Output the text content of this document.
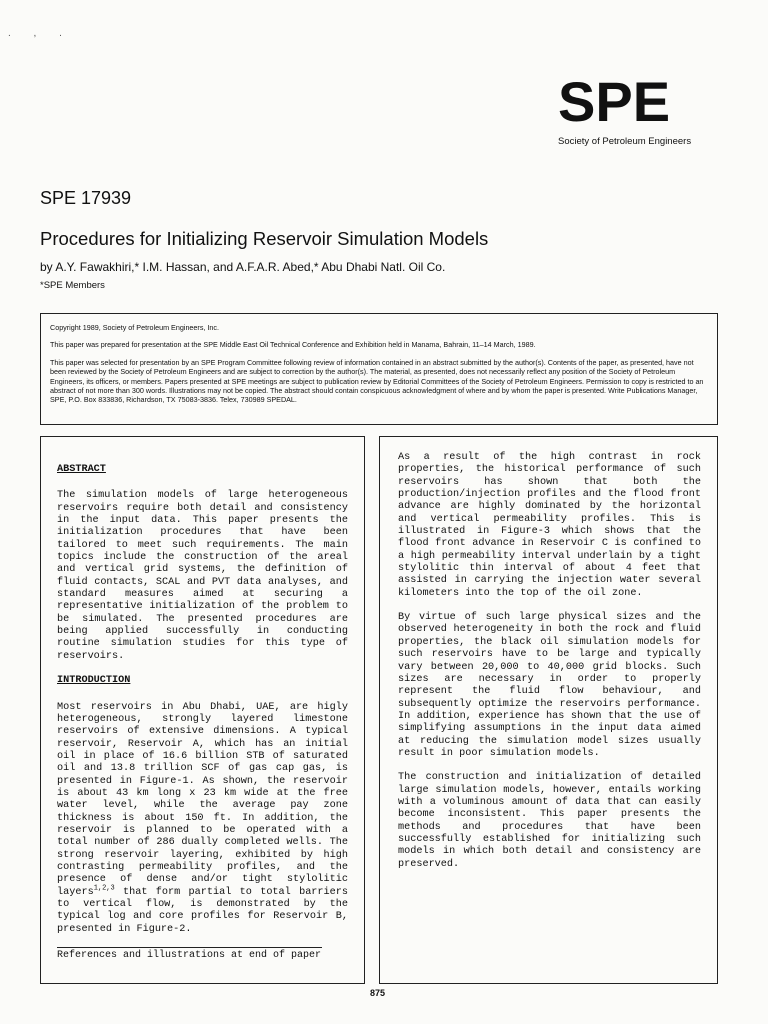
. , .
SPE
Society of Petroleum Engineers
SPE 17939
Procedures for Initializing Reservoir Simulation Models
by A.Y. Fawakhiri,* I.M. Hassan, and A.F.A.R. Abed,* Abu Dhabi Natl. Oil Co.
*SPE Members

Copyright 1989, Society of Petroleum Engineers, Inc.

This paper was prepared for presentation at the SPE Middle East Oil Technical Conference and Exhibition held in Manama, Bahrain, 11–14 March, 1989.

This paper was selected for presentation by an SPE Program Committee following review of information contained in an abstract submitted by the author(s). Contents of the paper, as presented, have not been reviewed by the Society of Petroleum Engineers and are subject to correction by the author(s). The material, as presented, does not necessarily reflect any position of the Society of Petroleum Engineers, its officers, or members. Papers presented at SPE meetings are subject to publication review by Editorial Committees of the Society of Petroleum Engineers. Permission to copy is restricted to an abstract of not more than 300 words. Illustrations may not be copied. The abstract should contain conspicuous acknowledgment of where and by whom the paper is presented. Write Publications Manager, SPE, P.O. Box 833836, Richardson, TX 75083-3836. Telex, 730989 SPEDAL.

ABSTRACT

The simulation models of large heterogeneous reservoirs require both detail and consistency in the input data. This paper presents the initialization procedures that have been tailored to meet such requirements. The main topics include the construction of the areal and vertical grid systems, the definition of fluid contacts, SCAL and PVT data analyses, and standard measures aimed at securing a representative initialization of the problem to be simulated. The presented procedures are being applied successfully in conducting routine simulation studies for this type of reservoirs.

INTRODUCTION

Most reservoirs in Abu Dhabi, UAE, are higly heterogeneous, strongly layered limestone reservoirs of extensive dimensions. A typical reservoir, Reservoir A, which has an initial oil in place of 16.6 billion STB of saturated oil and 13.8 trillion SCF of gas cap gas, is presented in Figure-1. As shown, the reservoir is about 43 km long x 23 km wide at the free water level, while the average pay zone thickness is about 150 ft. In addition, the reservoir is planned to be operated with a total number of 286 dually completed wells. The strong reservoir layering, exhibited by high contrasting permeability profiles, and the presence of dense and/or tight stylolitic layers$^{1,2,3}$ that form partial to total barriers to vertical flow, is demonstrated by the typical log and core profiles for Reservoir B, presented in Figure-2.

References and illustrations at end of paper

As a result of the high contrast in rock properties, the historical performance of such reservoirs has shown that both the production/injection profiles and the flood front advance are highly dominated by the horizontal and vertical permeability profiles. This is illustrated in Figure-3 which shows that the flood front advance in Reservoir C is confined to a high permeability interval underlain by a tight stylolitic thin interval of about 4 feet that assisted in carrying the injection water several kilometers into the top of the oil zone.

By virtue of such large physical sizes and the observed heterogeneity in both the rock and fluid properties, the black oil simulation models for such reservoirs have to be large and typically vary between 20,000 to 40,000 grid blocks. Such sizes are necessary in order to properly represent the fluid flow behaviour, and subsequently optimize the reservoirs performance. In addition, experience has shown that the use of simplifying assumptions in the input data aimed at reducing the simulation model sizes usually result in poor simulation models.

The construction and initialization of detailed large simulation models, however, entails working with a voluminous amount of data that can easily become inconsistent. This paper presents the methods and procedures that have been successfully established for initializing such models in which both detail and consistency are preserved.

875
